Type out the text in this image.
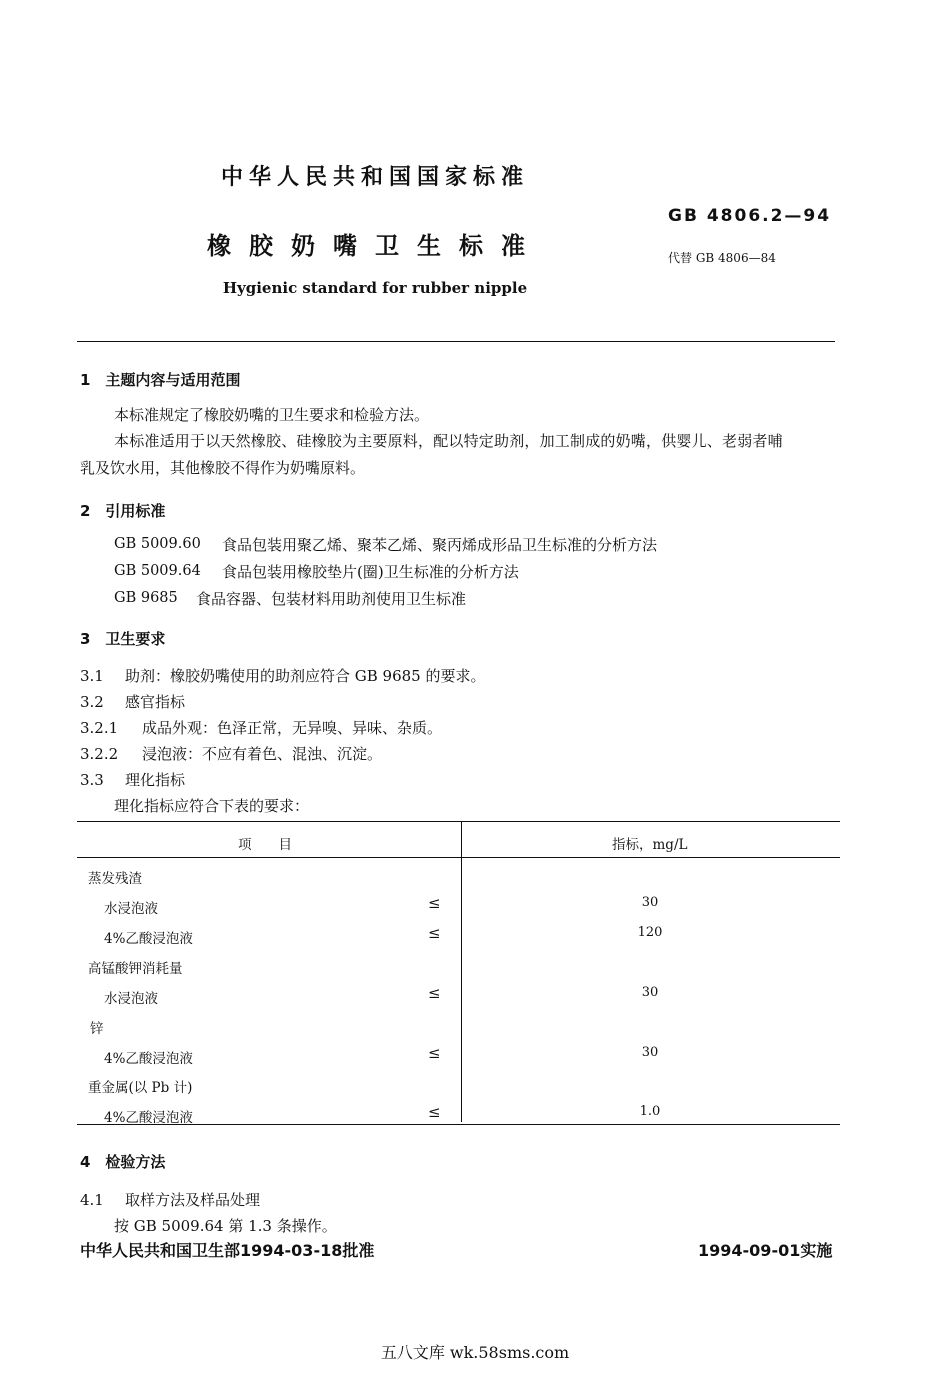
中华人民共和国国家标准
橡胶奶嘴卫生标准
Hygienic standard for rubber nipple
GB 4806.2—94
代替 GB 4806—84
1　主题内容与适用范围
本标准规定了橡胶奶嘴的卫生要求和检验方法。
本标准适用于以天然橡胶、硅橡胶为主要原料，配以特定助剂，加工制成的奶嘴，供婴儿、老弱者哺
乳及饮水用，其他橡胶不得作为奶嘴原料。
2　引用标准
GB 5009.60 食品包装用聚乙烯、聚苯乙烯、聚丙烯成形品卫生标准的分析方法
GB 5009.64 食品包装用橡胶垫片(圈)卫生标准的分析方法
GB 9685 食品容器、包装材料用助剂使用卫生标准
3　卫生要求
3.1 助剂：橡胶奶嘴使用的助剂应符合 GB 9685 的要求。
3.2 感官指标
3.2.1 成品外观：色泽正常，无异嗅、异味、杂质。
3.2.2 浸泡液：不应有着色、混浊、沉淀。
3.3 理化指标
理化指标应符合下表的要求：
项　　目	指标，mg/L
蒸发残渣
水浸泡液	≤	30
4%乙酸浸泡液	≤	120
高锰酸钾消耗量
水浸泡液	≤	30
锌
4%乙酸浸泡液	≤	30
重金属(以 Pb 计)
4%乙酸浸泡液	≤	1.0
4　检验方法
4.1 取样方法及样品处理
按 GB 5009.64 第 1.3 条操作。
中华人民共和国卫生部1994-03-18批准	1994-09-01实施
五八文库 wk.58sms.com
